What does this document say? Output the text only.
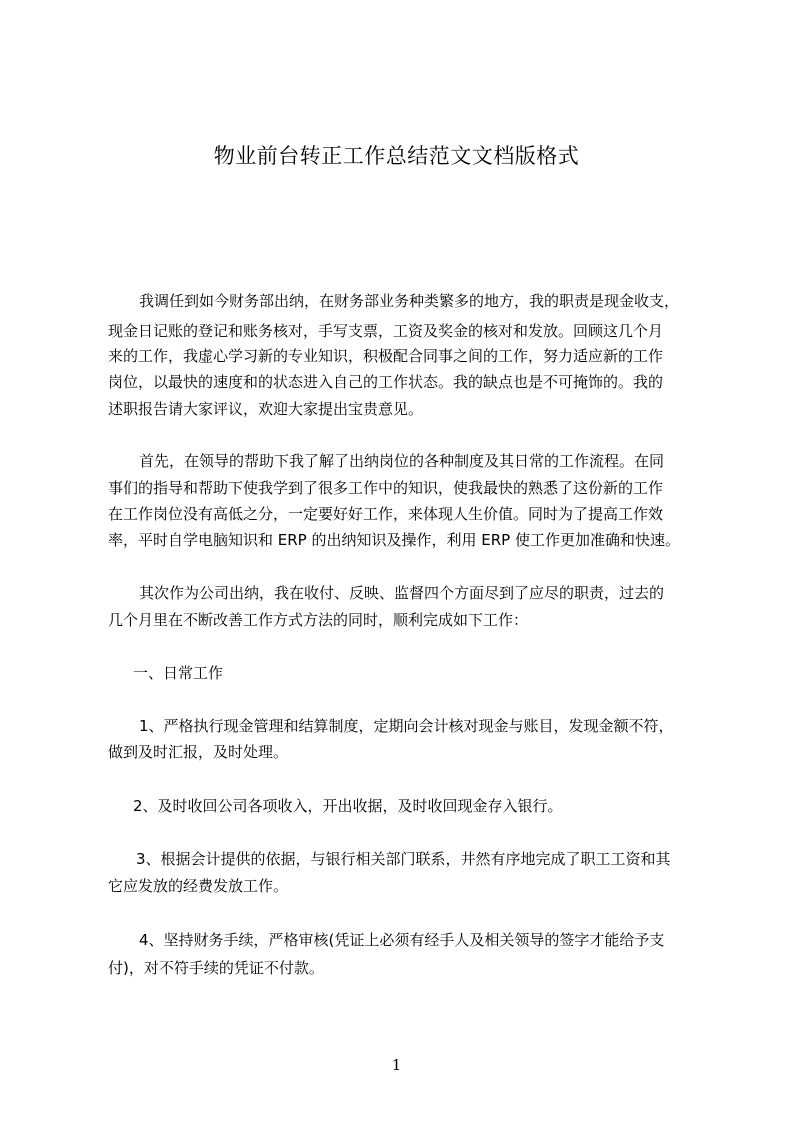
物业前台转正工作总结范文文档版格式
我调任到如今财务部出纳，在财务部业务种类繁多的地方，我的职责是现金收支，
现金日记账的登记和账务核对，手写支票，工资及奖金的核对和发放。回顾这几个月
来的工作，我虚心学习新的专业知识，积极配合同事之间的工作，努力适应新的工作
岗位，以最快的速度和的状态进入自己的工作状态。我的缺点也是不可掩饰的。我的
述职报告请大家评议，欢迎大家提出宝贵意见。
首先，在领导的帮助下我了解了出纳岗位的各种制度及其日常的工作流程。在同
事们的指导和帮助下使我学到了很多工作中的知识，使我最快的熟悉了这份新的工作
在工作岗位没有高低之分，一定要好好工作，来体现人生价值。同时为了提高工作效
率，平时自学电脑知识和 ERP 的出纳知识及操作，利用 ERP 使工作更加准确和快速。
其次作为公司出纳，我在收付、反映、监督四个方面尽到了应尽的职责，过去的
几个月里在不断改善工作方式方法的同时，顺利完成如下工作：
一、日常工作
1、严格执行现金管理和结算制度，定期向会计核对现金与账目，发现金额不符，
做到及时汇报，及时处理。
2、及时收回公司各项收入，开出收据，及时收回现金存入银行。
3、根据会计提供的依据，与银行相关部门联系，井然有序地完成了职工工资和其
它应发放的经费发放工作。
4、坚持财务手续，严格审核(凭证上必须有经手人及相关领导的签字才能给予支
付)，对不符手续的凭证不付款。
1
